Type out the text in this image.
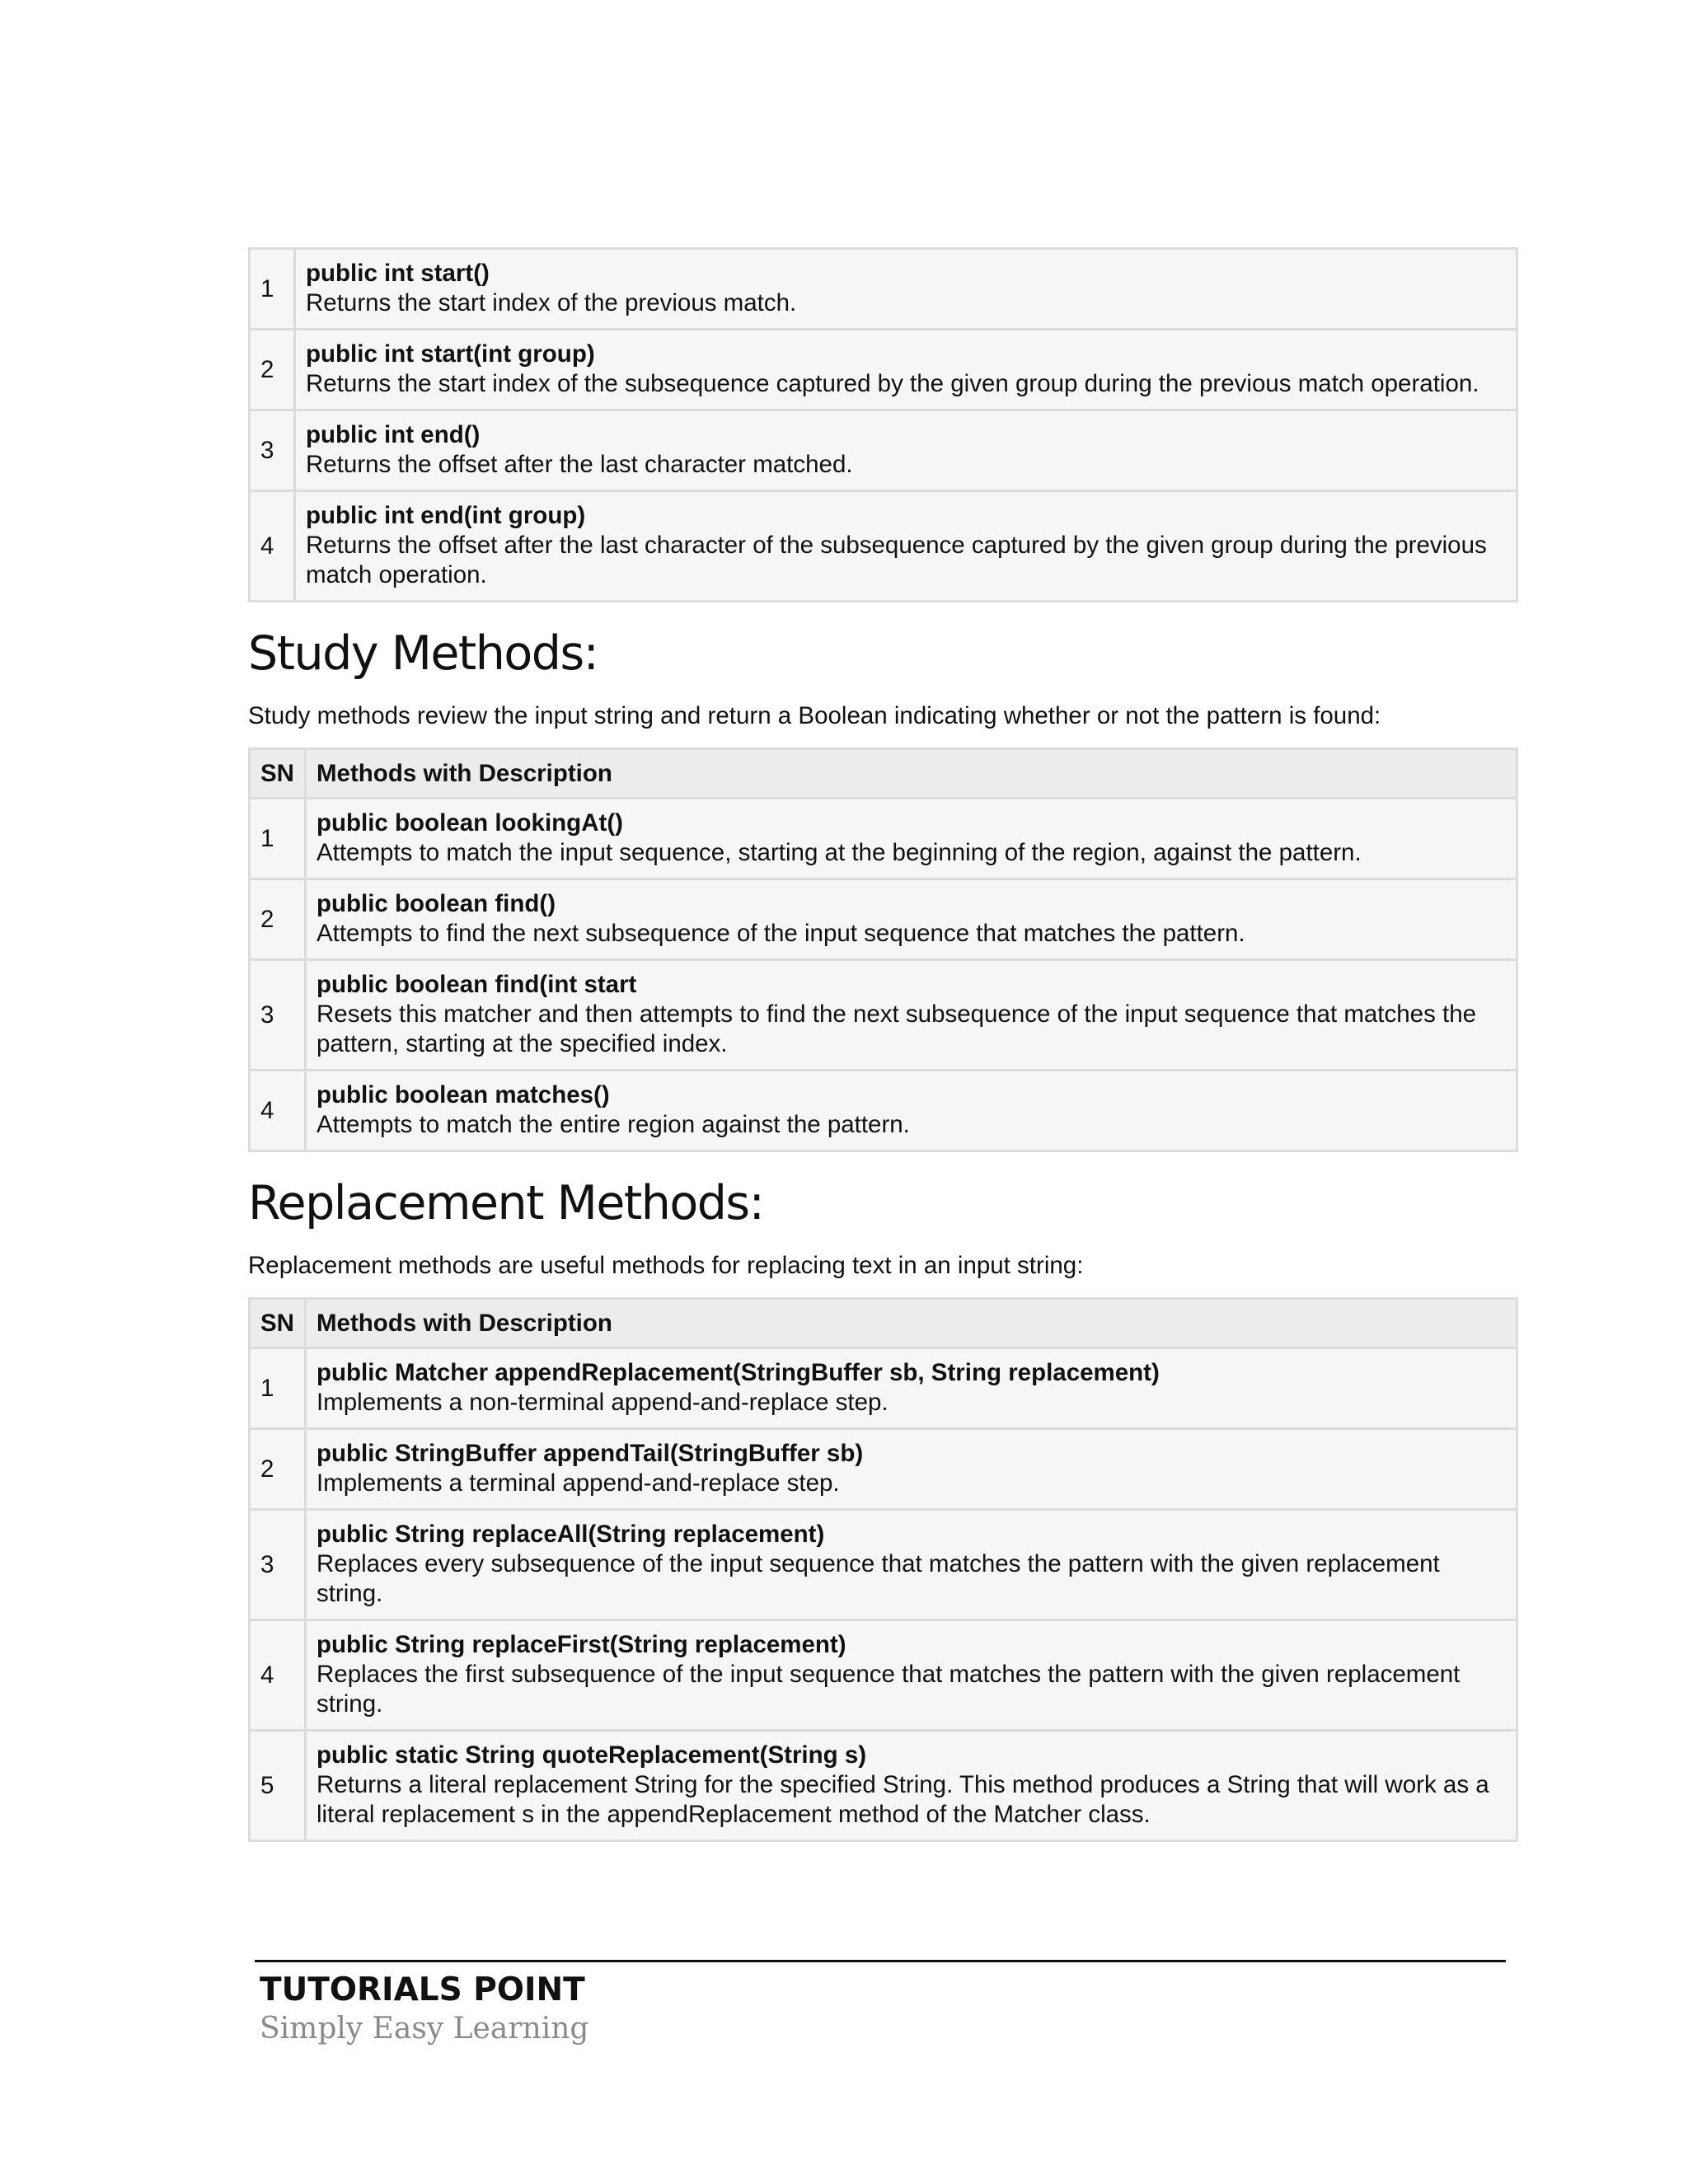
1	public int start()
Returns the start index of the previous match.

2	public int start(int group)
Returns the start index of the subsequence captured by the given group during the previous match operation.

3	public int end()
Returns the offset after the last character matched.

4	public int end(int group)
Returns the offset after the last character of the subsequence captured by the given group during the previous match operation.
Study Methods:

Study methods review the input string and return a Boolean indicating whether or not the pattern is found:

SN	Methods with Description
1	public boolean lookingAt()
Attempts to match the input sequence, starting at the beginning of the region, against the pattern.

2	public boolean find()
Attempts to find the next subsequence of the input sequence that matches the pattern.

3	public boolean find(int start
Resets this matcher and then attempts to find the next subsequence of the input sequence that matches the pattern, starting at the specified index.

4	public boolean matches()
Attempts to match the entire region against the pattern.
Replacement Methods:

Replacement methods are useful methods for replacing text in an input string:

SN	Methods with Description
1	public Matcher appendReplacement(StringBuffer sb, String replacement)
Implements a non-terminal append-and-replace step.

2	public StringBuffer appendTail(StringBuffer sb)
Implements a terminal append-and-replace step.

3	public String replaceAll(String replacement)
Replaces every subsequence of the input sequence that matches the pattern with the given replacement string.

4	public String replaceFirst(String replacement)
Replaces the first subsequence of the input sequence that matches the pattern with the given replacement string.

5	public static String quoteReplacement(String s)
Returns a literal replacement String for the specified String. This method produces a String that will work as a literal replacement s in the appendReplacement method of the Matcher class.
TUTORIALS POINT
Simply Easy Learning
